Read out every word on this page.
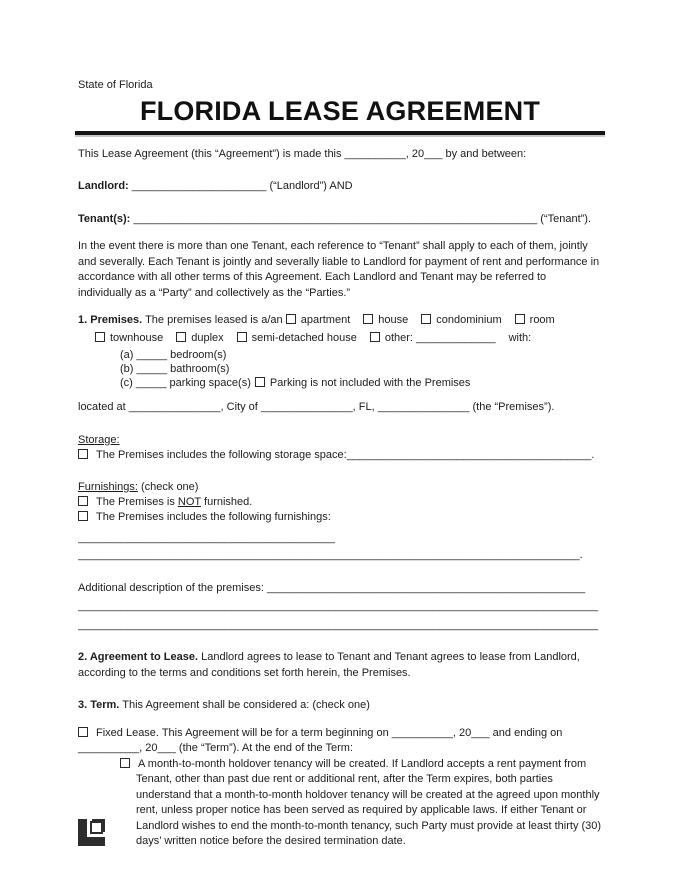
State of Florida
FLORIDA LEASE AGREEMENT

This Lease Agreement (this “Agreement”) is made this __________, 20___ by and between:

Landlord: ______________________ (“Landlord”) AND

Tenant(s): __________________________________________________________________ (“Tenant”).

In the event there is more than one Tenant, each reference to “Tenant” shall apply to each of them, jointly and severally. Each Tenant is jointly and severally liable to Landlord for payment of rent and performance in accordance with all other terms of this Agreement. Each Landlord and Tenant may be referred to individually as a “Party” and collectively as the “Parties.”

1. Premises. The premises leased is a/an apartment	house	condominium	room
townhouse	duplex	semi-detached house	other: _____________ with:
(a) _____ bedroom(s)
(b) _____ bathroom(s)
(c) _____ parking space(s) Parking is not included with the Premises
located at _______________, City of _______________, FL, _______________ (the “Premises”).
Storage:
The Premises includes the following storage space:________________________________________.
Furnishings: (check one)
The Premises is NOT furnished.
The Premises includes the following furnishings:
__________________________________________
__________________________________________________________________________________.
Additional description of the premises: ____________________________________________________
_____________________________________________________________________________________
_____________________________________________________________________________________

2. Agreement to Lease. Landlord agrees to lease to Tenant and Tenant agrees to lease from Landlord, according to the terms and conditions set forth herein, the Premises.

3. Term. This Agreement shall be considered a: (check one)

Fixed Lease. This Agreement will be for a term beginning on __________, 20___ and ending on __________, 20___ (the “Term”). At the end of the Term:
A month-to-month holdover tenancy will be created. If Landlord accepts a rent payment from Tenant, other than past due rent or additional rent, after the Term expires, both parties understand that a month-to-month holdover tenancy will be created at the agreed upon monthly rent, unless proper notice has been served as required by applicable laws. If either Tenant or Landlord wishes to end the month-to-month tenancy, such Party must provide at least thirty (30) days’ written notice before the desired termination date.
